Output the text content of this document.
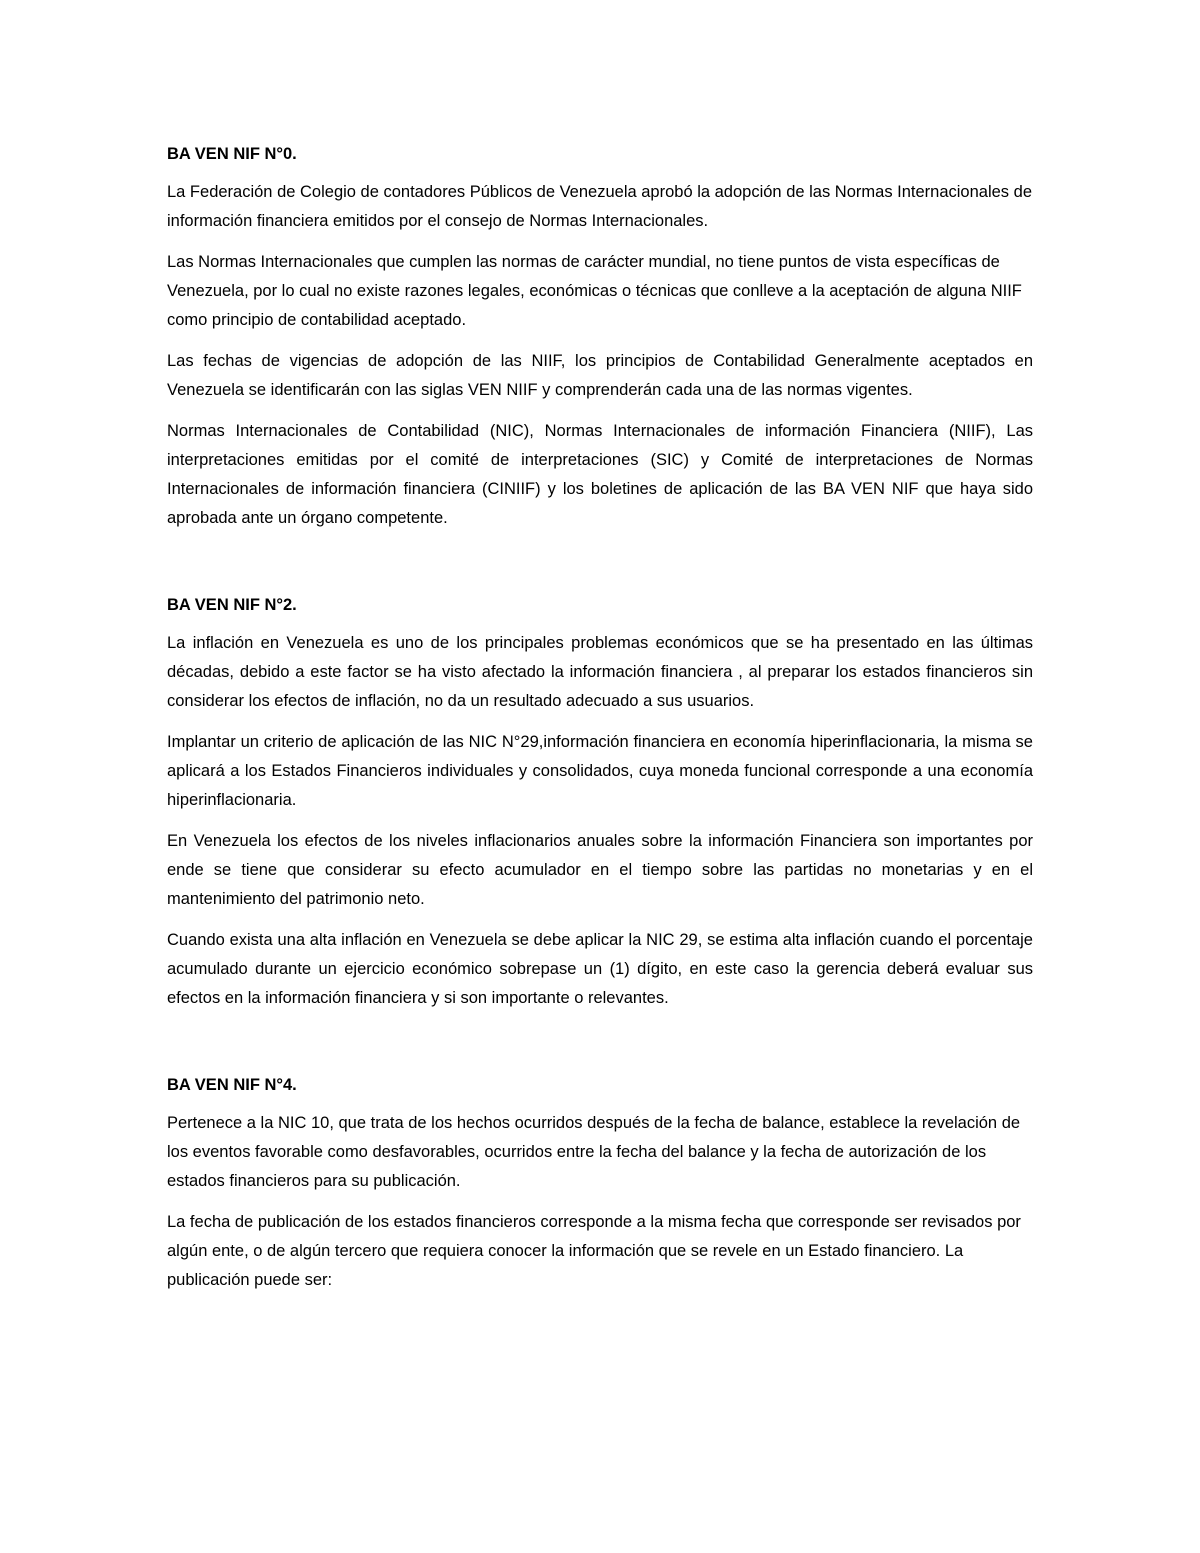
BA VEN NIF N°0.

La Federación de Colegio de contadores Públicos de Venezuela aprobó la adopción de las Normas Internacionales de información financiera emitidos por el consejo de Normas Internacionales.

Las Normas Internacionales que cumplen las normas de carácter mundial, no tiene puntos de vista específicas de Venezuela, por lo cual no existe razones legales, económicas o técnicas que conlleve a la aceptación de alguna NIIF como principio de contabilidad aceptado.

Las fechas de vigencias de adopción de las NIIF, los principios de Contabilidad Generalmente aceptados en Venezuela se identificarán con las siglas VEN NIIF y comprenderán cada una de las normas vigentes.

Normas Internacionales de Contabilidad (NIC), Normas Internacionales de información Financiera (NIIF), Las interpretaciones emitidas por el comité de interpretaciones (SIC) y Comité de interpretaciones de Normas Internacionales de información financiera (CINIIF) y los boletines de aplicación de las BA VEN NIF que haya sido aprobada ante un órgano competente.

BA VEN NIF N°2.

La inflación en Venezuela es uno de los principales problemas económicos que se ha presentado en las últimas décadas, debido a este factor se ha visto afectado la información financiera , al preparar los estados financieros sin considerar los efectos de inflación, no da un resultado adecuado a sus usuarios.

Implantar un criterio de aplicación de las NIC N°29,información financiera en economía hiperinflacionaria, la misma se aplicará a los Estados Financieros individuales y consolidados, cuya moneda funcional corresponde a una economía hiperinflacionaria.

En Venezuela los efectos de los niveles inflacionarios anuales sobre la información Financiera son importantes por ende se tiene que considerar su efecto acumulador en el tiempo sobre las partidas no monetarias y en el mantenimiento del patrimonio neto.

Cuando exista una alta inflación en Venezuela se debe aplicar la NIC 29, se estima alta inflación cuando el porcentaje acumulado durante un ejercicio económico sobrepase un (1) dígito, en este caso la gerencia deberá evaluar sus efectos en la información financiera y si son importante o relevantes.

BA VEN NIF N°4.

Pertenece a la NIC 10, que trata de los hechos ocurridos después de la fecha de balance, establece la revelación de los eventos favorable como desfavorables, ocurridos entre la fecha del balance y la fecha de autorización de los estados financieros para su publicación.

La fecha de publicación de los estados financieros corresponde a la misma fecha que corresponde ser revisados por algún ente, o de algún tercero que requiera conocer la información que se revele en un Estado financiero. La publicación puede ser:
